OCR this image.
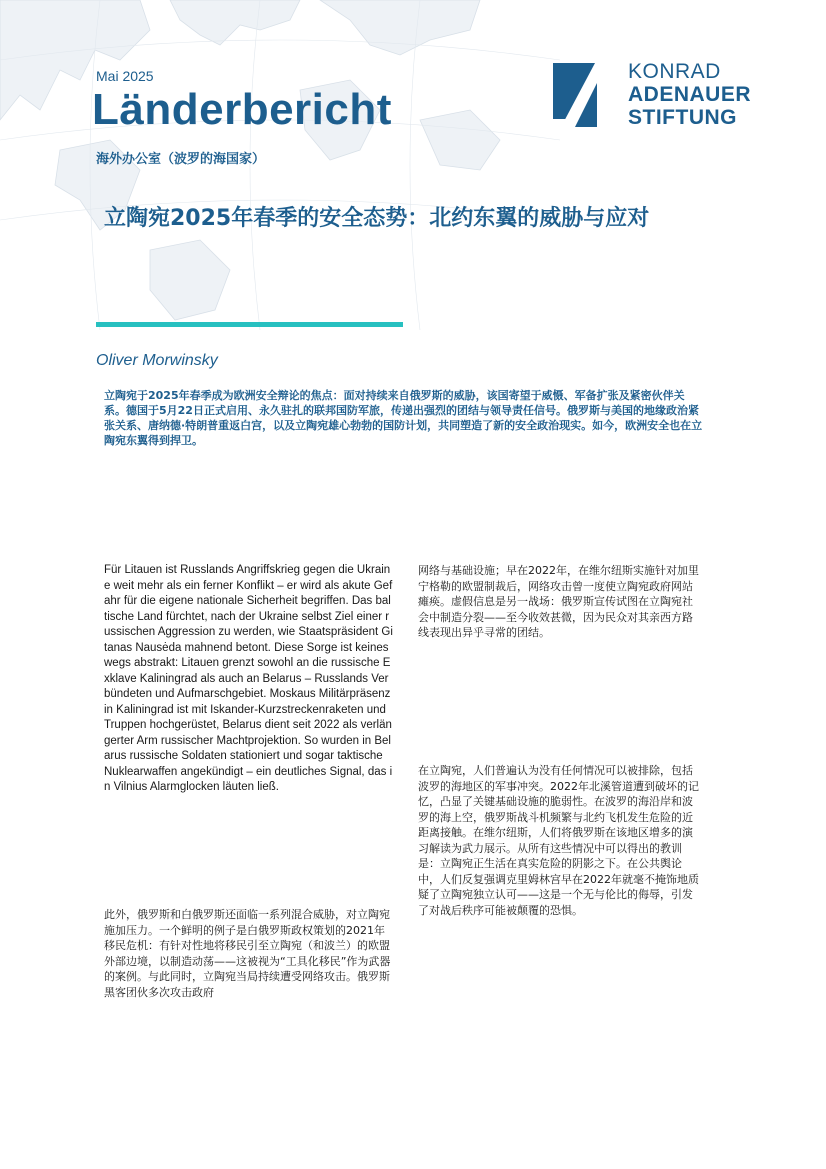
Mai 2025
Länderbericht
海外办公室（波罗的海国家）
KONRAD
ADENAUER
STIFTUNG
立陶宛2025年春季的安全态势：北约东翼的威胁与应对
Oliver Morwinsky
立陶宛于2025年春季成为欧洲安全辩论的焦点：面对持续来自俄罗斯的威胁，该国寄望于威慑、军备扩张及紧密伙伴关系。德国于5月22日正式启用、永久驻扎的联邦国防军旅，传递出强烈的团结与领导责任信号。俄罗斯与美国的地缘政治紧张关系、唐纳德·特朗普重返白宫，以及立陶宛雄心勃勃的国防计划，共同塑造了新的安全政治现实。如今，欧洲安全也在立陶宛东翼得到捍卫。
Für Litauen ist Russlands Angriffskrieg gegen die Ukraine weit mehr als ein ferner Konflikt – er wird als akute Gefahr für die eigene nationale Sicherheit begriffen. Das baltische Land fürchtet, nach der Ukraine selbst Ziel einer russischen Aggression zu werden, wie Staatspräsident Gitanas Nausėda mahnend betont. Diese Sorge ist keineswegs abstrakt: Litauen grenzt sowohl an die russische Exklave Kaliningrad als auch an Belarus – Russlands Verbündeten und Aufmarschgebiet. Moskaus Militärpräsenz in Kaliningrad ist mit Iskander-Kurzstreckenraketen und Truppen hochgerüstet, Belarus dient seit 2022 als verlängerter Arm russischer Machtprojektion. So wurden in Belarus russische Soldaten stationiert und sogar taktische Nuklearwaffen angekündigt – ein deutliches Signal, das in Vilnius Alarmglocken läuten ließ.
此外，俄罗斯和白俄罗斯还面临一系列混合威胁，对立陶宛施加压力。一个鲜明的例子是白俄罗斯政权策划的2021年移民危机：有针对性地将移民引至立陶宛（和波兰）的欧盟外部边境，以制造动荡——这被视为“工具化移民”作为武器的案例。与此同时，立陶宛当局持续遭受网络攻击。俄罗斯黑客团伙多次攻击政府
网络与基础设施；早在2022年，在维尔纽斯实施针对加里宁格勒的欧盟制裁后，网络攻击曾一度使立陶宛政府网站瘫痪。虚假信息是另一战场：俄罗斯宣传试图在立陶宛社会中制造分裂——至今收效甚微，因为民众对其亲西方路线表现出异乎寻常的团结。
在立陶宛，人们普遍认为没有任何情况可以被排除，包括波罗的海地区的军事冲突。2022年北溪管道遭到破坏的记忆，凸显了关键基础设施的脆弱性。在波罗的海沿岸和波罗的海上空，俄罗斯战斗机频繁与北约飞机发生危险的近距离接触。在维尔纽斯，人们将俄罗斯在该地区增多的演习解读为武力展示。从所有这些情况中可以得出的教训是：立陶宛正生活在真实危险的阴影之下。在公共舆论中，人们反复强调克里姆林宫早在2022年就毫不掩饰地质疑了立陶宛独立认可——这是一个无与伦比的侮辱，引发了对战后秩序可能被颠覆的恐惧。
